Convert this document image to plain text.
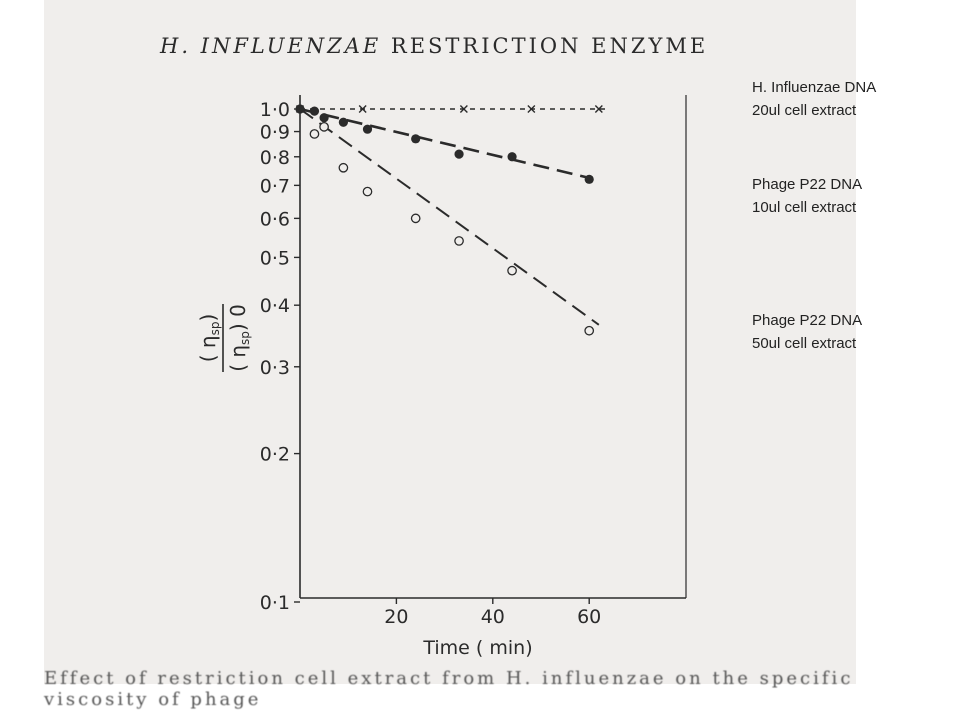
H. INFLUENZAE RESTRICTION ENZYME
1·0
0·9
0·8
0·7
0·6
0·5
0·4
0·3
0·2
0·1
20	40	60
Time ( min)
( $\eta_{sp}$)
( $\eta_{sp}$) 0
H. Influenzae DNA
20ul cell extract
Phage P22 DNA
10ul cell extract
Phage P22 DNA
50ul cell extract
Effect of restriction cell extract from H. influenzae on the specific viscosity of phage
